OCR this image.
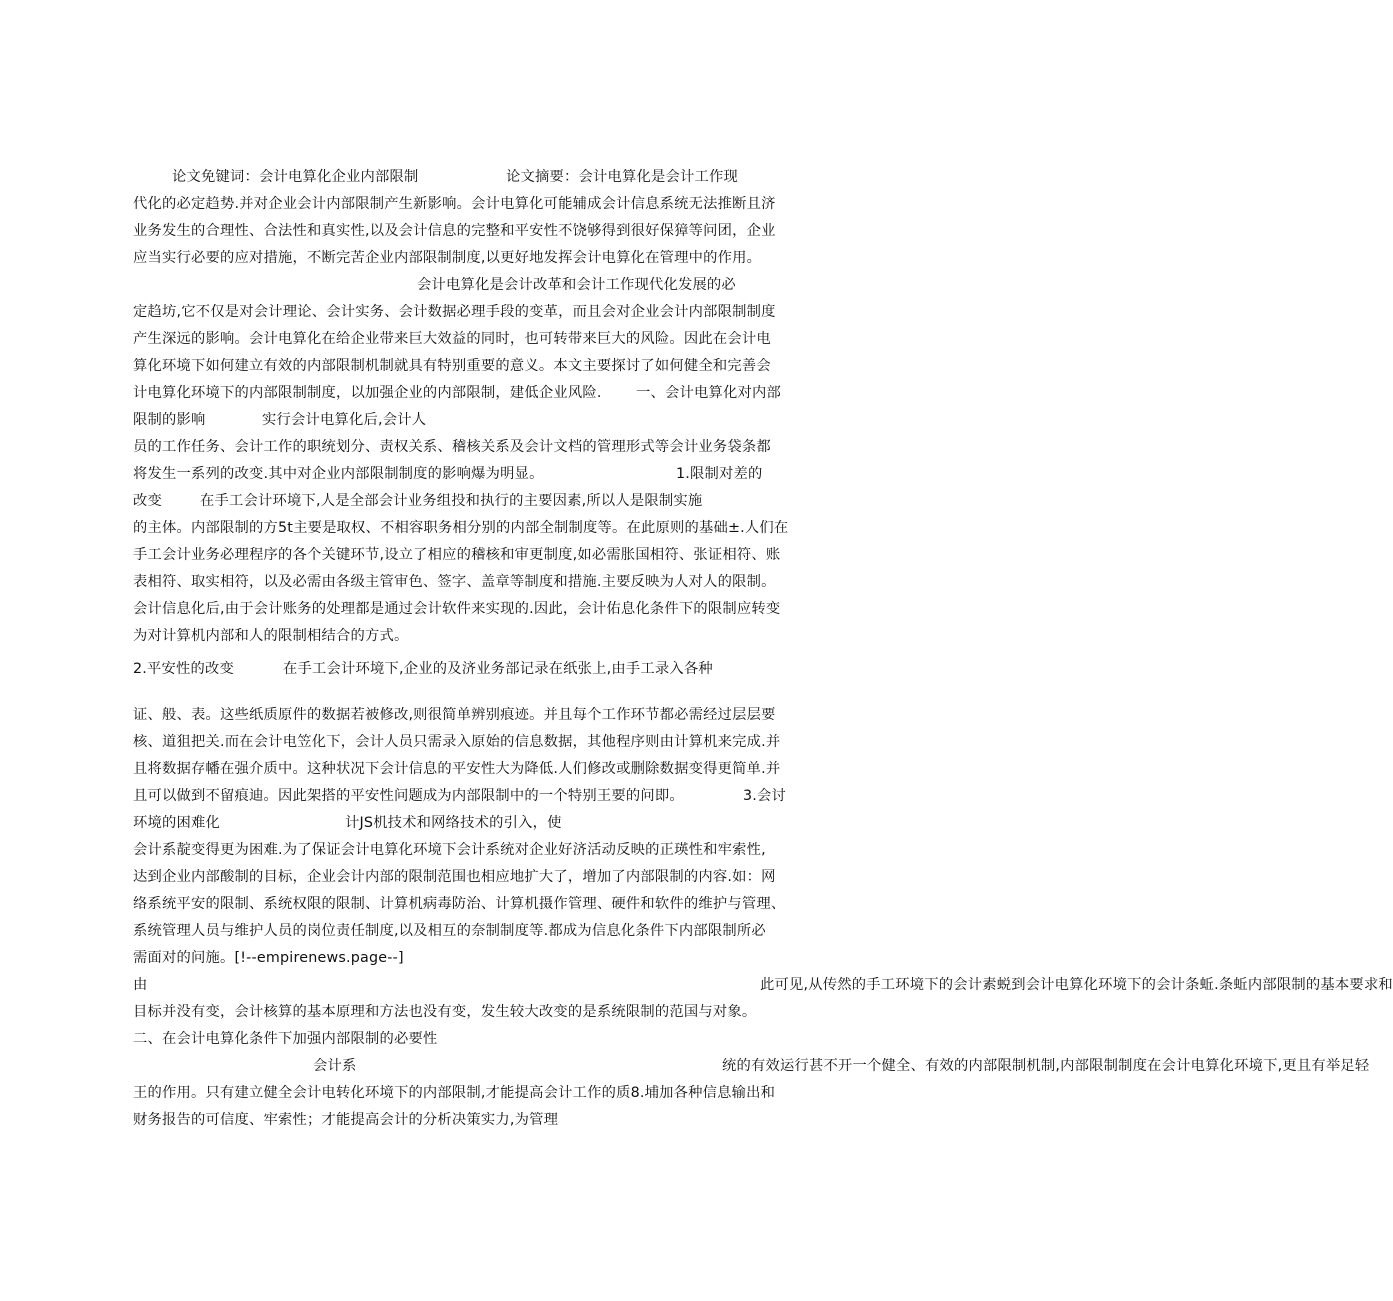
论文免键词：会计电算化企业内部限制	论文摘要：会计电算化是会计工作现
代化的必定趋势.并对企业会计内部限制产生新影响。会计电算化可能辅成会计信息系统无法推断且济
业务发生的合理性、合法性和真实性,以及会计信息的完整和平安性不饶够得到很好保獐等问团，企业
应当实行必要的应对措施，不断完苦企业内部限制制度,以更好地发挥会计电算化在管理中的作用。
会计电算化是会计改革和会计工作现代化发展的必
定趋坊,它不仅是对会计理论、会计实务、会计数据必理手段的变革，而且会对企业会计内部限制制度
产生深远的影响。会计电算化在给企业带来巨大效益的同时，也可转带来巨大的风险。因此在会计电
算化环境下如何建立有效的内部限制机制就具有特别重要的意义。本文主要探讨了如何健全和完善会
计电算化环境下的内部限制制度，以加强企业的内部限制，建低企业风险. 一、会计电算化对内部
限制的影响	实行会计电算化后,会计人
员的工作任务、会计工作的职统划分、责权关系、稽核关系及会计文档的管理形式等会计业务袋条都
将发生一系列的改变.其中对企业内部限制制度的影响爆为明显。	1.限制对差的
改变	在手工会计环境下,人是全部会计业务组投和执行的主要因素,所以人是限制实施
的主体。内部限制的方5t主要是取权、不相容职务相分别的内部全制制度等。在此原则的基础±.人们在
手工会计业务必理程序的各个关键环节,设立了相应的稽核和审更制度,如必需胀国相符、张证相符、账
表相符、取实相符，以及必需由各级主管审色、签字、盖章等制度和措施.主要反映为人对人的限制。
会计信息化后,由于会计账务的处理都是通过会计软件来实现的.因此，会计佑息化条件下的限制应转变
为对计算机内部和人的限制相结合的方式。
2.平安性的改变	在手工会计环境下,企业的及济业务部记录在纸张上,由手工录入各种
证、般、表。这些纸质原件的数据若被修改,则很简单辨别痕迹。并且每个工作环节都必需经过层层要
核、道狙把关.而在会计电笠化下，会计人员只需录入原始的信息数据，其他程序则由计算机来完成.并
且将数据存幡在强介质中。这种状况下会计信息的平安性大为降低.人们修改或删除数据变得更简单.并
且可以做到不留痕迪。因此架搭的平安性问题成为内部限制中的一个特别王要的问即。	3.会讨
环境的困难化	计JS机技术和网络技术的引入，使
会计系靛变得更为困难.为了保证会计电算化环境下会计系统对企业好济活动反映的正瑛性和牢索性,
达到企业内部酸制的目标，企业会计内部的限制范围也相应地扩大了，增加了内部限制的内容.如：网
络系统平安的限制、系统权限的限制、计算机病毒防治、计算机摄作管理、硬件和软件的维护与管理、
系统管理人员与维护人员的岗位责任制度,以及相互的奈制制度等.都成为信息化条件下内部限制所必
需面对的问施。[!--empirenews.page--]
由	此可见,从传然的手工环境下的会计素蜕到会计电算化环境下的会计条蚯.条蚯内部限制的基本要求和
目标并没有变，会计核算的基本原理和方法也没有变，发生较大改变的是系统限制的范国与对象。
二、在会计电算化条件下加强内部限制的必要性
会计系	统的有效运行甚不开一个健全、有效的内部限制机制,内部限制制度在会计电算化环境下,更且有举足轻
王的作用。只有建立健全会计电转化环境下的内部限制,才能提高会计工作的质8.埔加各种信息输出和
财务报告的可信度、牢索性；才能提高会计的分析决策实力,为管理
